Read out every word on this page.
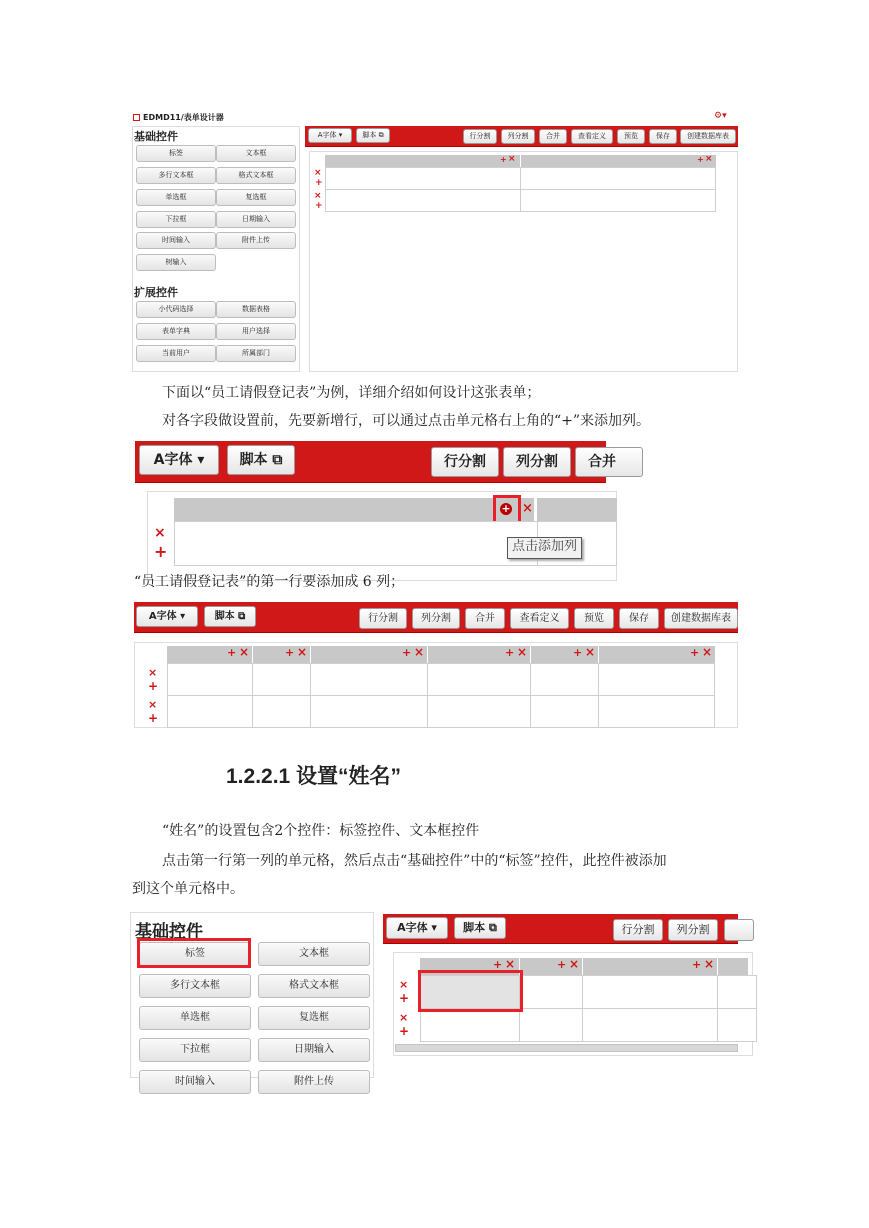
EDMD11/表单设计器	⚙▾
基础控件
标签	文本框
多行文本框	格式文本框
单选框	复选框
下拉框	日期输入
时间输入	附件上传
树输入
扩展控件
小代码选择	数据表格
表单字典	用户选择
当前用户	所属部门
A字体 ▾	脚本 ⧉	行分割	列分割	合并	查看定义	预览	保存	创建数据库表
+ ×	+ ×
×
+
×
+
下面以“员工请假登记表”为例，详细介绍如何设计这张表单；
对各字段做设置前，先要新增行，可以通过点击单元格右上角的“+”来添加列。
A字体 ▾	脚本 ⧉	行分割	列分割	合并
+ ×
×
+	点击添加列
“员工请假登记表”的第一行要添加成 6 列；
A字体 ▾	脚本 ⧉	行分割	列分割	合并	查看定义	预览	保存	创建数据库表
+ ×	+ ×	+ ×	+ ×	+ ×	+ ×
×
+
×
+
1.2.2.1 设置“姓名”
“姓名”的设置包含2个控件：标签控件、文本框控件
点击第一行第一列的单元格，然后点击“基础控件”中的“标签”控件，此控件被添加
到这个单元格中。
基础控件
标签	文本框
多行文本框	格式文本框
单选框	复选框
下拉框	日期输入
时间输入	附件上传
A字体 ▾	脚本 ⧉	行分割	列分割
+ ×	+ ×	+ ×
×
+
×
+
